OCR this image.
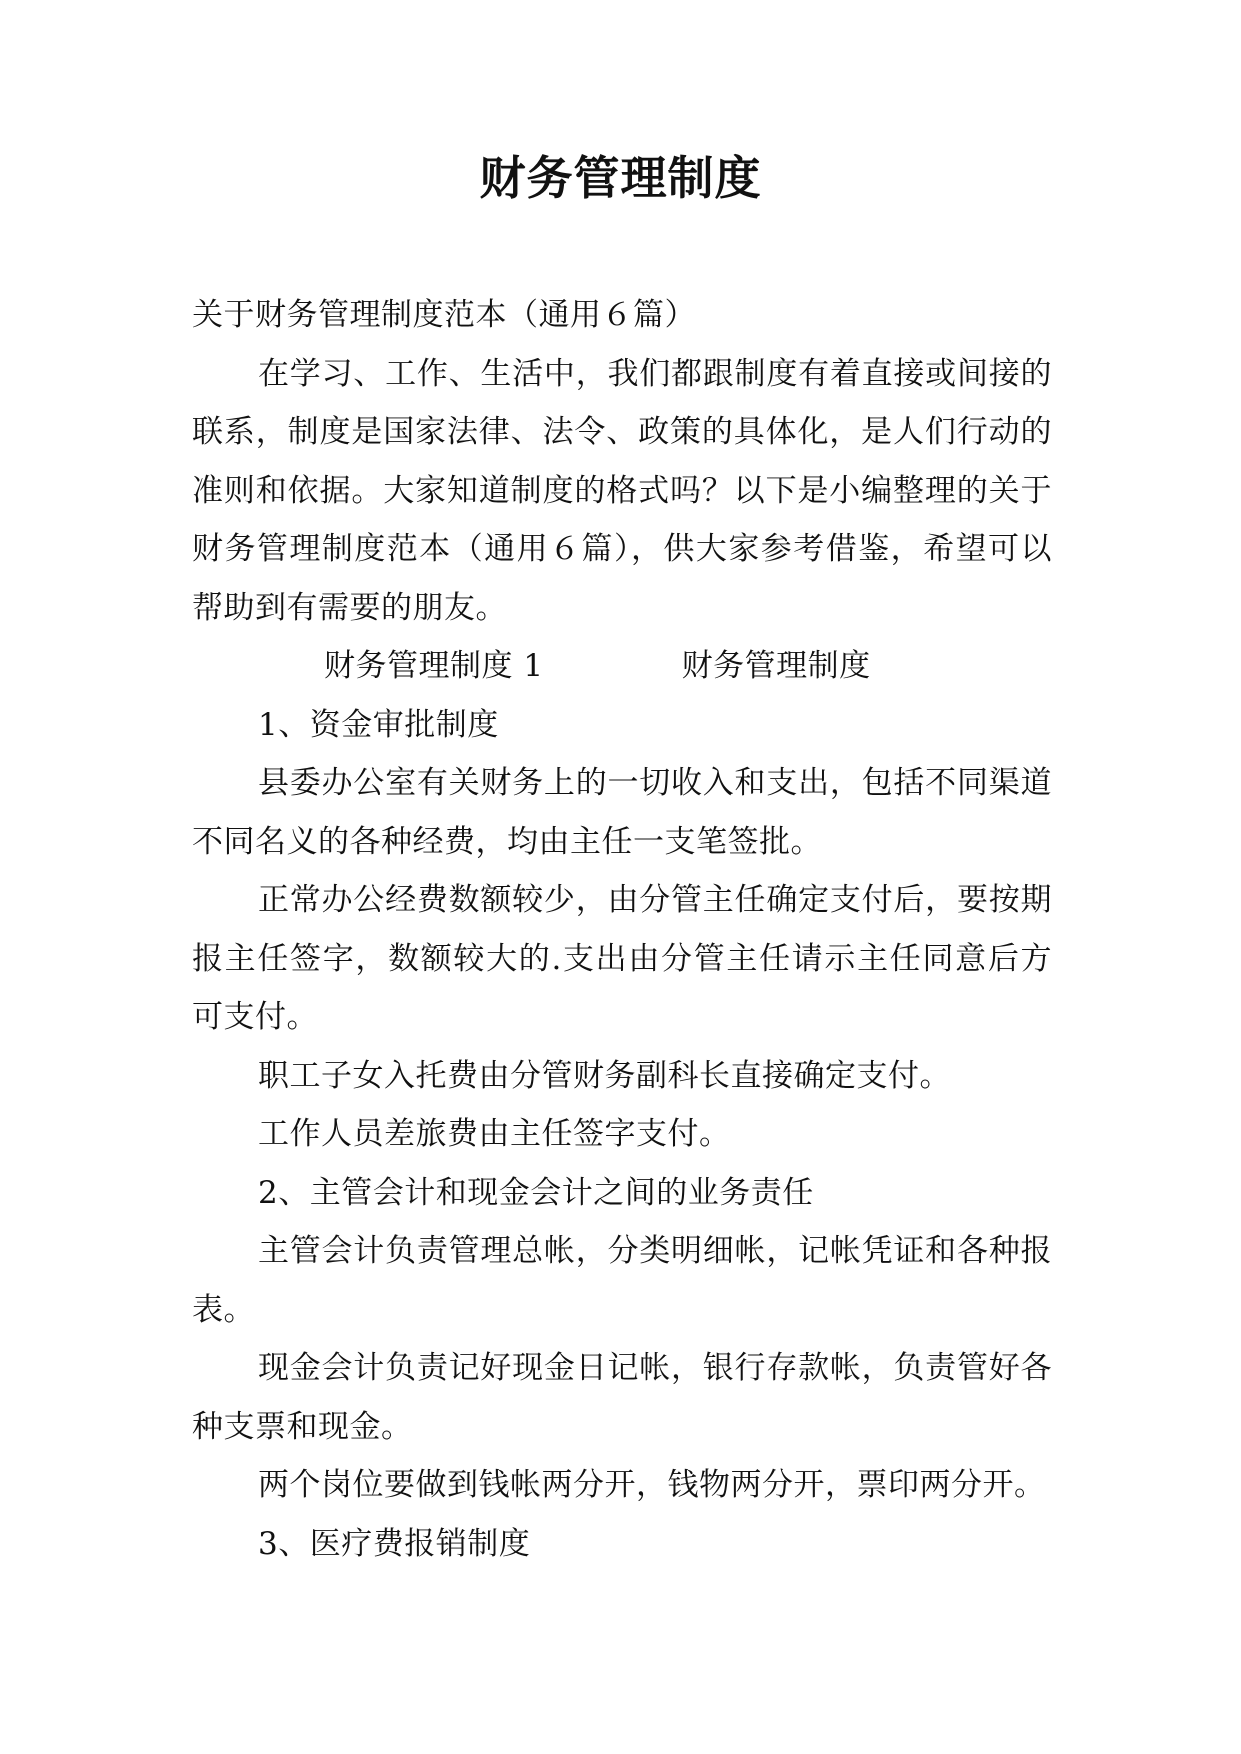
财务管理制度

关于财务管理制度范本（通用６篇）

在学习、工作、生活中，我们都跟制度有着直接或间接的联系，制度是国家法律、法令、政策的具体化，是人们行动的准则和依据。大家知道制度的格式吗？以下是小编整理的关于财务管理制度范本（通用６篇），供大家参考借鉴，希望可以帮助到有需要的朋友。

财务管理制度 1	财务管理制度

1、资金审批制度

县委办公室有关财务上的一切收入和支出，包括不同渠道不同名义的各种经费，均由主任一支笔签批。

正常办公经费数额较少，由分管主任确定支付后，要按期报主任签字，数额较大的.支出由分管主任请示主任同意后方可支付。

职工子女入托费由分管财务副科长直接确定支付。

工作人员差旅费由主任签字支付。

2、主管会计和现金会计之间的业务责任

主管会计负责管理总帐，分类明细帐，记帐凭证和各种报表。

现金会计负责记好现金日记帐，银行存款帐，负责管好各种支票和现金。

两个岗位要做到钱帐两分开，钱物两分开，票印两分开。

3、医疗费报销制度
